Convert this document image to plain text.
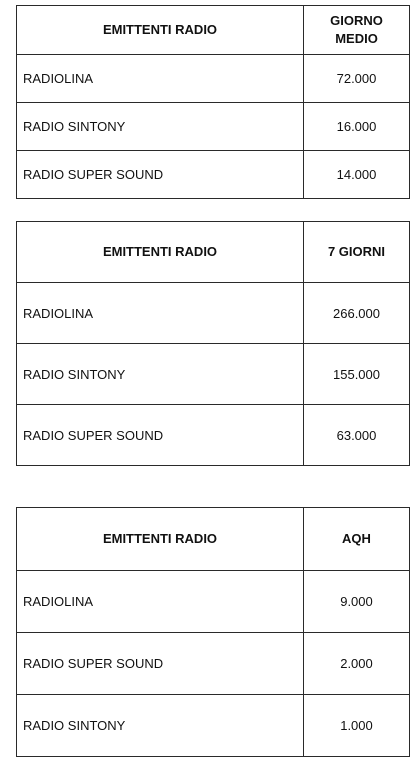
EMITTENTI RADIO	GIORNO
MEDIO

RADIOLINA	72.000
RADIO SINTONY	16.000
RADIO SUPER SOUND	14.000
EMITTENTI RADIO	7 GIORNI

RADIOLINA	266.000
RADIO SINTONY	155.000
RADIO SUPER SOUND	63.000
EMITTENTI RADIO	AQH

RADIOLINA	9.000
RADIO SUPER SOUND	2.000
RADIO SINTONY	1.000
